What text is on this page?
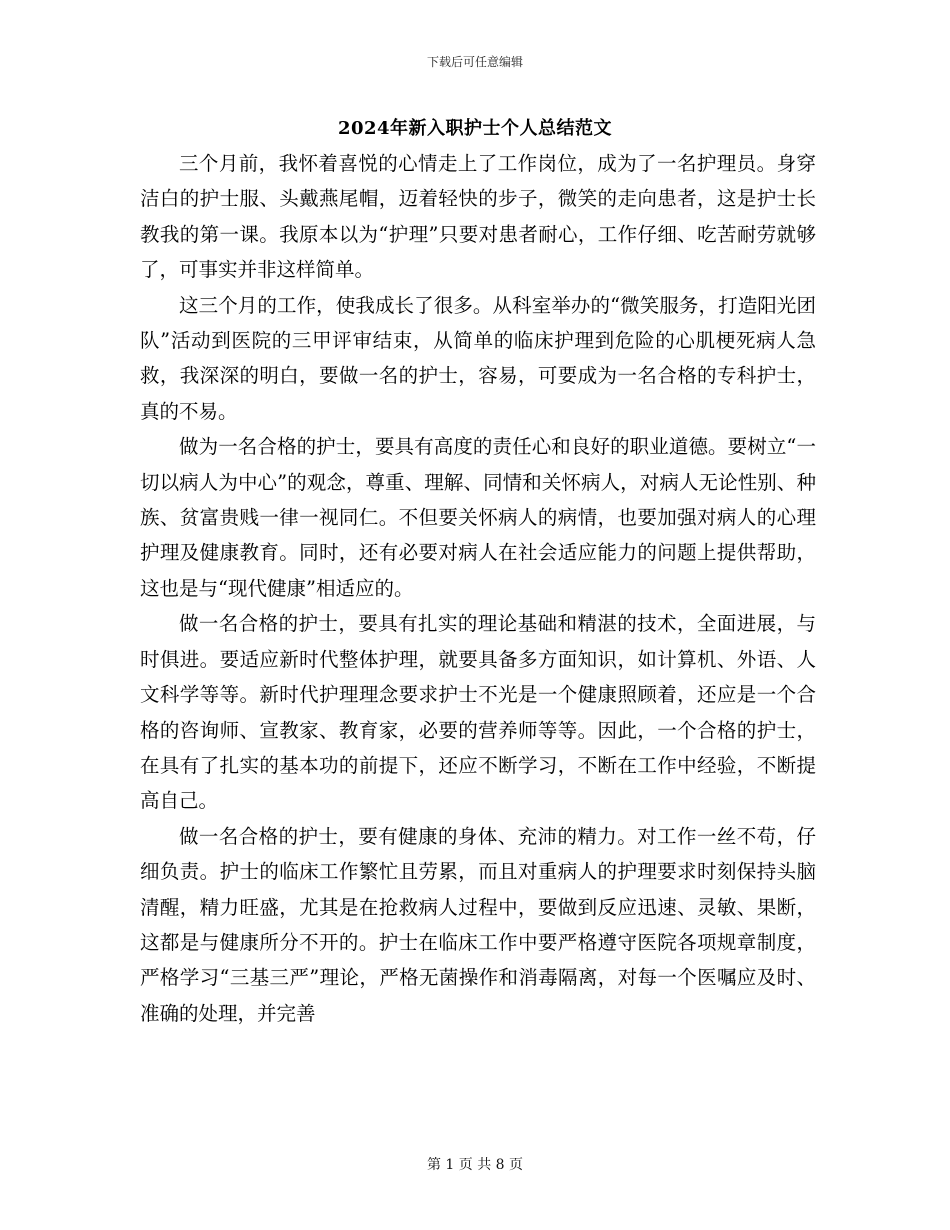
下载后可任意编辑
2024年新入职护士个人总结范文

三个月前，我怀着喜悦的心情走上了工作岗位，成为了一名护理员。身穿洁白的护士服、头戴燕尾帽，迈着轻快的步子，微笑的走向患者，这是护士长教我的第一课。我原本以为“护理”只要对患者耐心，工作仔细、吃苦耐劳就够了，可事实并非这样简单。

这三个月的工作，使我成长了很多。从科室举办的“微笑服务，打造阳光团队”活动到医院的三甲评审结束，从简单的临床护理到危险的心肌梗死病人急救，我深深的明白，要做一名的护士，容易，可要成为一名合格的专科护士，真的不易。

做为一名合格的护士，要具有高度的责任心和良好的职业道德。要树立“一切以病人为中心”的观念，尊重、理解、同情和关怀病人，对病人无论性别、种族、贫富贵贱一律一视同仁。不但要关怀病人的病情，也要加强对病人的心理护理及健康教育。同时，还有必要对病人在社会适应能力的问题上提供帮助，这也是与“现代健康”相适应的。

做一名合格的护士，要具有扎实的理论基础和精湛的技术，全面进展，与时俱进。要适应新时代整体护理，就要具备多方面知识，如计算机、外语、人文科学等等。新时代护理理念要求护士不光是一个健康照顾着，还应是一个合格的咨询师、宣教家、教育家，必要的营养师等等。因此，一个合格的护士，在具有了扎实的基本功的前提下，还应不断学习，不断在工作中经验，不断提高自己。

做一名合格的护士，要有健康的身体、充沛的精力。对工作一丝不苟，仔细负责。护士的临床工作繁忙且劳累，而且对重病人的护理要求时刻保持头脑清醒，精力旺盛，尤其是在抢救病人过程中，要做到反应迅速、灵敏、果断，这都是与健康所分不开的。护士在临床工作中要严格遵守医院各项规章制度，严格学习“三基三严”理论，严格无菌操作和消毒隔离，对每一个医嘱应及时、准确的处理，并完善

第 1 页 共 8 页
